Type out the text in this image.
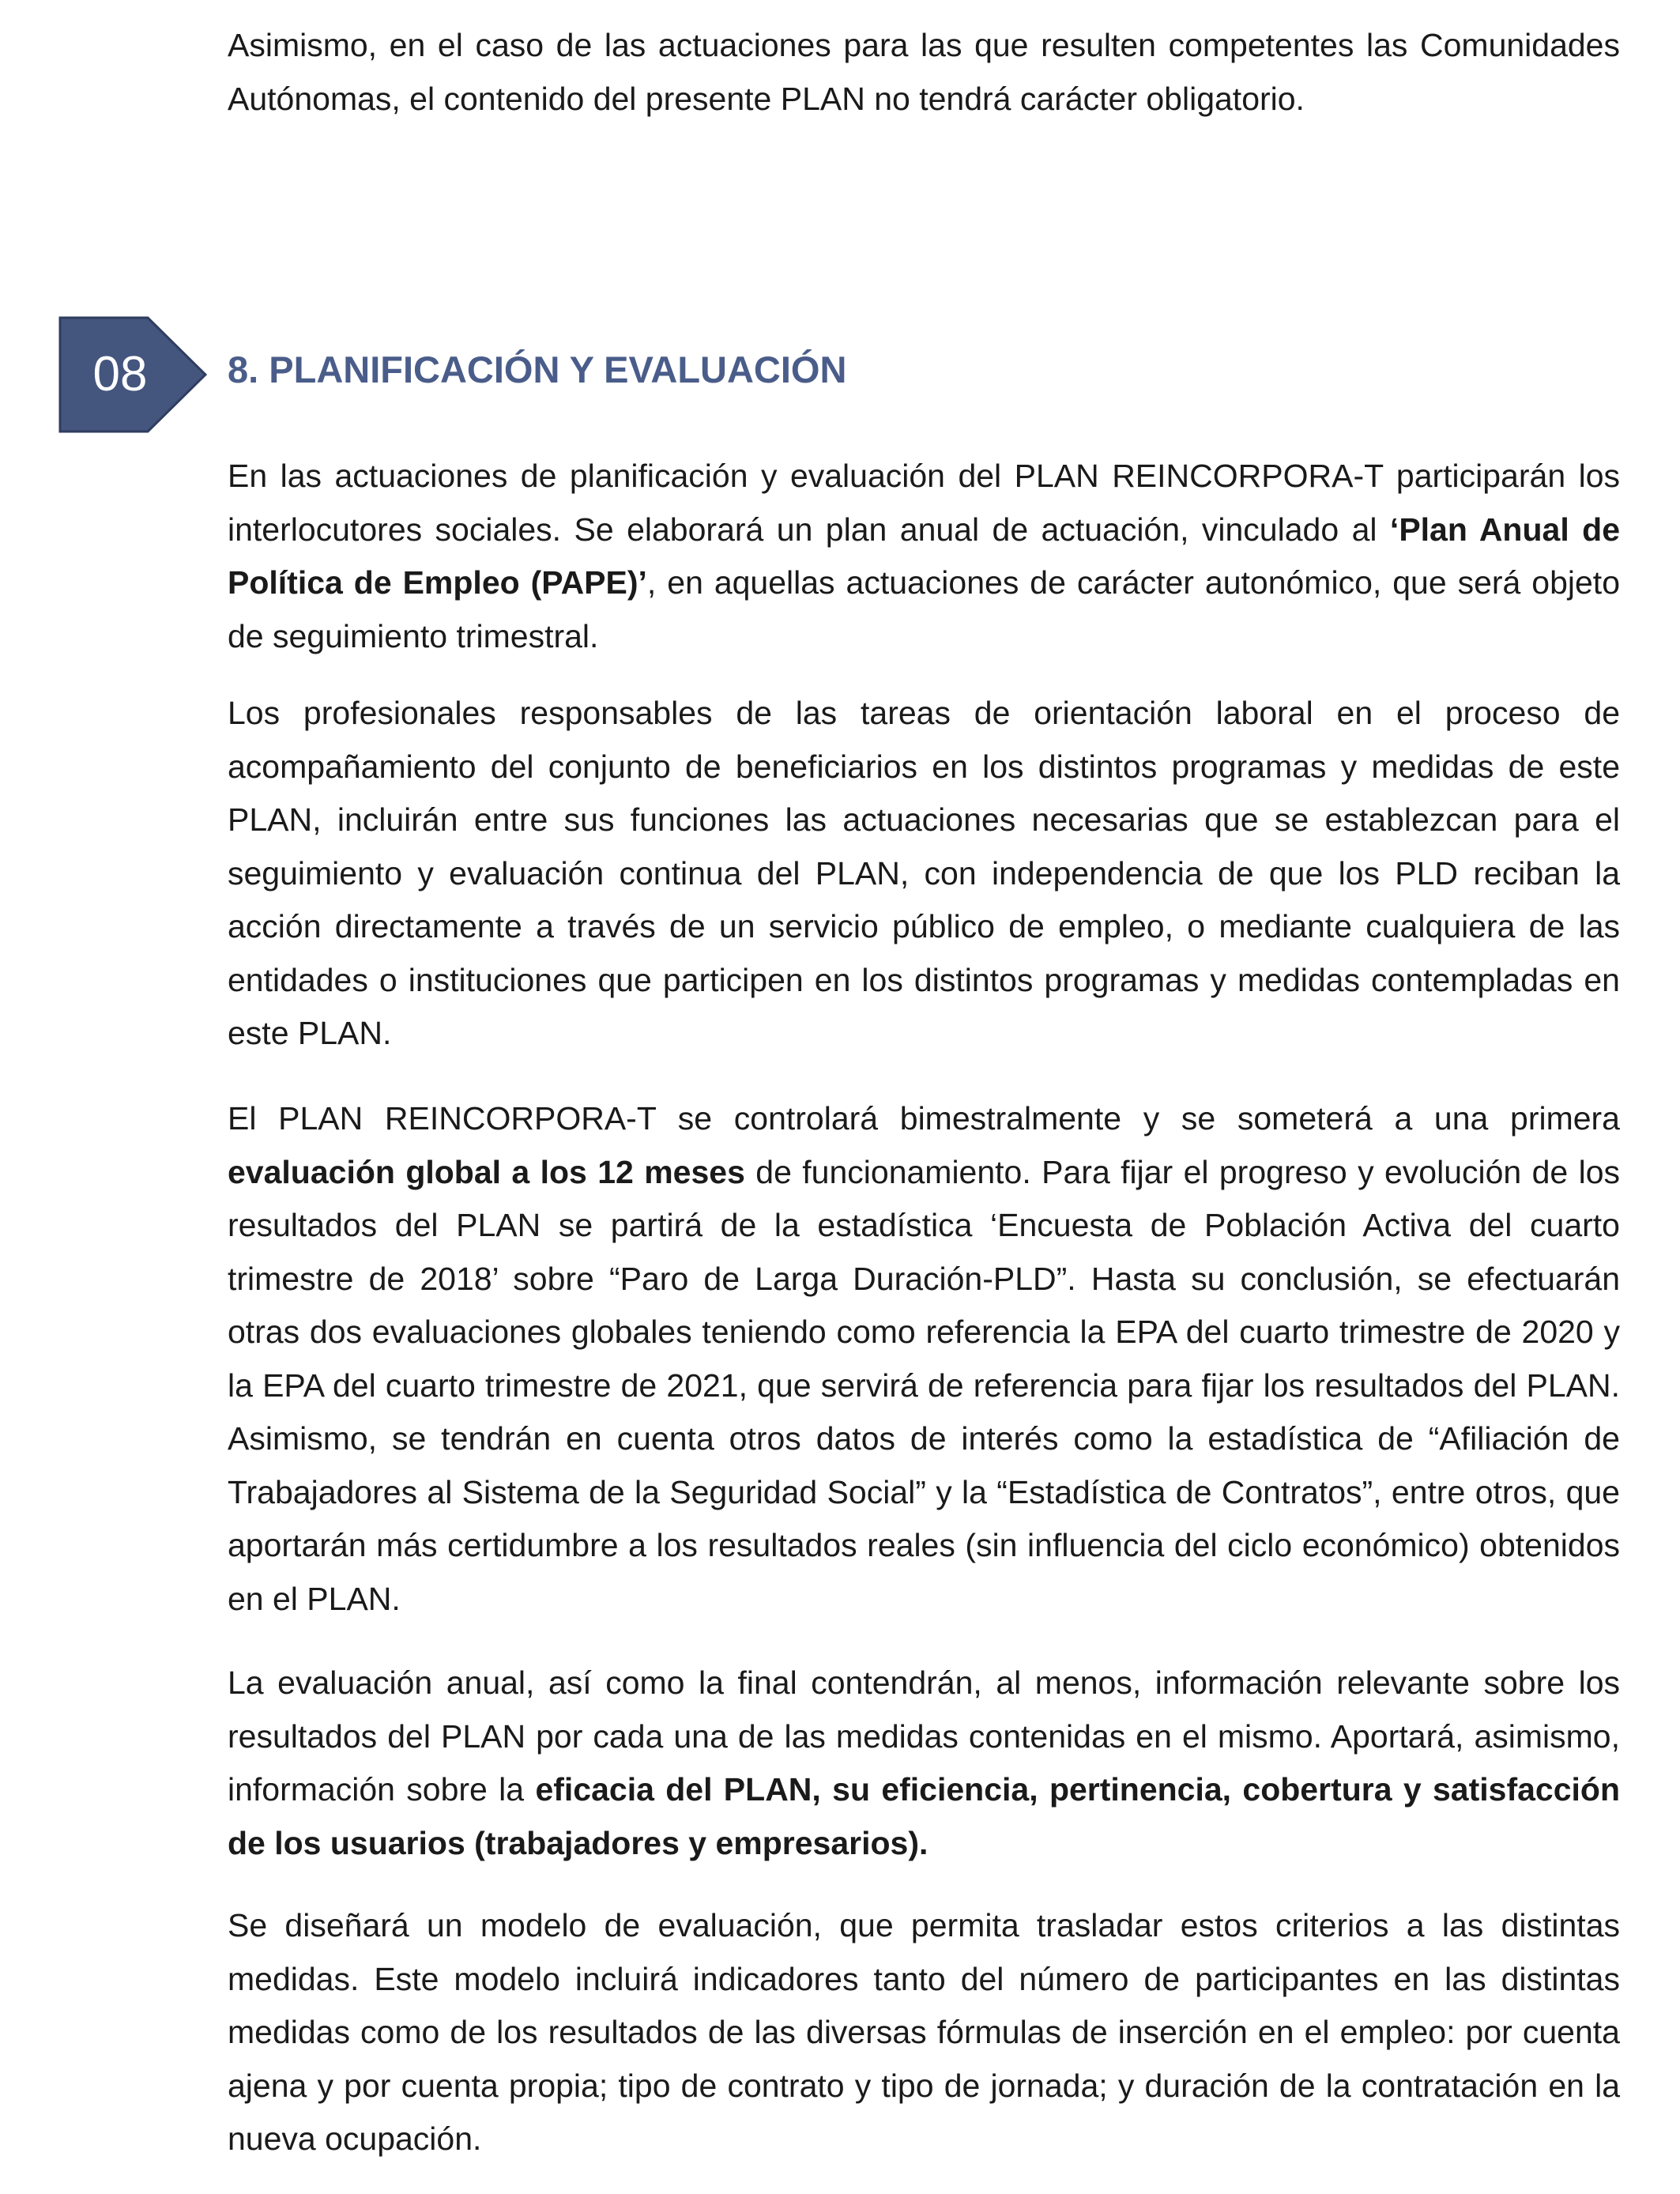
Asimismo, en el caso de las actuaciones para las que resulten competentes las Comunidades Autónomas, el contenido del presente PLAN no tendrá carácter obligatorio.

08	8. PLANIFICACIÓN Y EVALUACIÓN

En las actuaciones de planificación y evaluación del PLAN REINCORPORA-T participarán los interlocutores sociales. Se elaborará un plan anual de actuación, vinculado al ‘Plan Anual de Política de Empleo (PAPE)’, en aquellas actuaciones de carácter autonómico, que será objeto de seguimiento trimestral.

Los profesionales responsables de las tareas de orientación laboral en el proceso de acompañamiento del conjunto de beneficiarios en los distintos programas y medidas de este PLAN, incluirán entre sus funciones las actuaciones necesarias que se establezcan para el seguimiento y evaluación continua del PLAN, con independencia de que los PLD reciban la acción directamente a través de un servicio público de empleo, o mediante cualquiera de las entidades o instituciones que participen en los distintos programas y medidas contempladas en este PLAN.

El PLAN REINCORPORA-T se controlará bimestralmente y se someterá a una primera evaluación global a los 12 meses de funcionamiento. Para fijar el progreso y evolución de los resultados del PLAN se partirá de la estadística ‘Encuesta de Población Activa del cuarto trimestre de 2018’ sobre “Paro de Larga Duración-PLD”. Hasta su conclusión, se efectuarán otras dos evaluaciones globales teniendo como referencia la EPA del cuarto trimestre de 2020 y la EPA del cuarto trimestre de 2021, que servirá de referencia para fijar los resultados del PLAN. Asimismo, se tendrán en cuenta otros datos de interés como la estadística de “Afiliación de Trabajadores al Sistema de la Seguridad Social” y la “Estadística de Contratos”, entre otros, que aportarán más certidumbre a los resultados reales (sin influencia del ciclo económico) obtenidos en el PLAN.

La evaluación anual, así como la final contendrán, al menos, información relevante sobre los resultados del PLAN por cada una de las medidas contenidas en el mismo. Aportará, asimismo, información sobre la eficacia del PLAN, su eficiencia, pertinencia, cobertura y satisfacción de los usuarios (trabajadores y empresarios).

Se diseñará un modelo de evaluación, que permita trasladar estos criterios a las distintas medidas. Este modelo incluirá indicadores tanto del número de participantes en las distintas medidas como de los resultados de las diversas fórmulas de inserción en el empleo: por cuenta ajena y por cuenta propia; tipo de contrato y tipo de jornada; y duración de la contratación en la nueva ocupación.
